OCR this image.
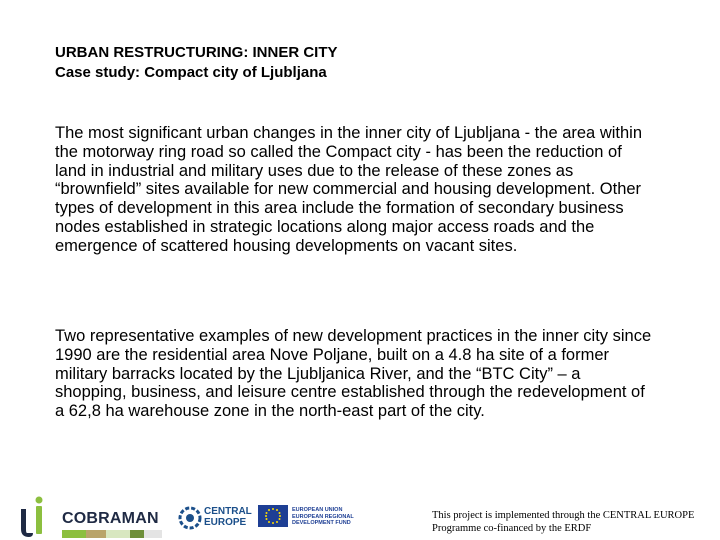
URBAN RESTRUCTURING: INNER CITY

Case study: Compact city of Ljubljana

The most significant urban changes in the inner city of Ljubljana - the area within the motorway ring road so called the Compact city - has been the reduction of land in industrial and military uses due to the release of these zones as “brownfield” sites available for new commercial and housing development. Other types of development in this area include the formation of secondary business nodes established in strategic locations along major access roads and the emergence of scattered housing developments on vacant sites.

Two representative examples of new development practices in the inner city since 1990 are the residential area Nove Poljane, built on a 4.8 ha site of a former military barracks located by the Ljubljanica River, and the “BTC City” – a shopping, business, and leisure centre established through the redevelopment of a 62,8 ha warehouse zone in the north-east part of the city.

COBRAMAN	CENTRAL
EUROPE
EUROPEAN UNION
EUROPEAN REGIONAL
DEVELOPMENT FUND
This project is implemented through the CENTRAL EUROPE
Programme co-financed by the ERDF
